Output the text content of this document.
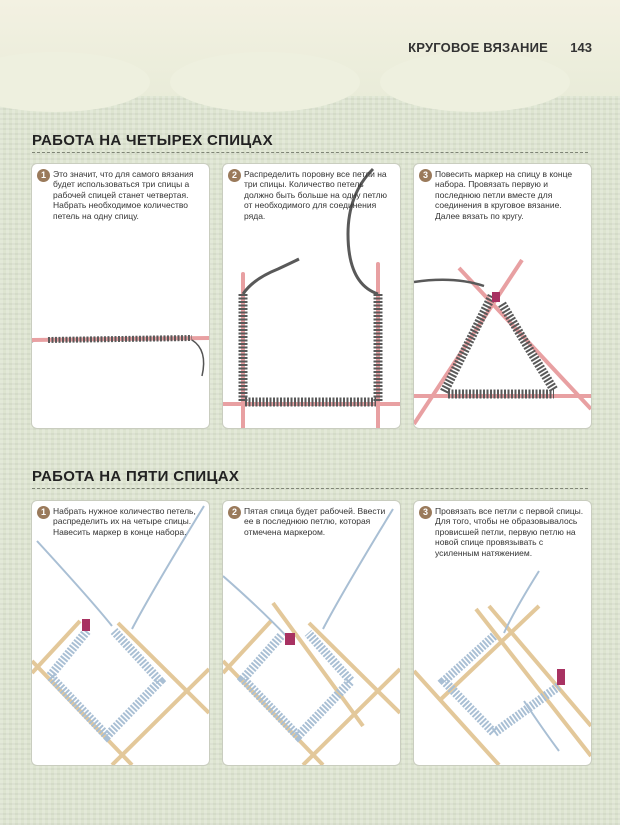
КРУГОВОЕ ВЯЗАНИЕ 143
РАБОТА НА ЧЕТЫРЕХ СПИЦАХ
1 Это значит, что для самого вязания будет использоваться три спицы а рабочей спицей станет четвертая. Набрать необходимое количество петель на одну спицу.
2 Распределить поровну все петли на три спицы. Количество петель должно быть больше на одну петлю от необходимого для соединения ряда.
3 Повесить маркер на спицу в конце набора. Провязать первую и последнюю петли вместе для соединения в круговое вязание. Далее вязать по кругу.
РАБОТА НА ПЯТИ СПИЦАХ
1 Набрать нужное количество петель, распределить их на четыре спицы. Навесить маркер в конце набора.
2 Пятая спица будет рабочей. Ввести ее в последнюю петлю, которая отмечена маркером.
3 Провязать все петли с первой спицы. Для того, чтобы не образовывалось провисшей петли, первую петлю на новой спице провязывать с усиленным натяжением.
